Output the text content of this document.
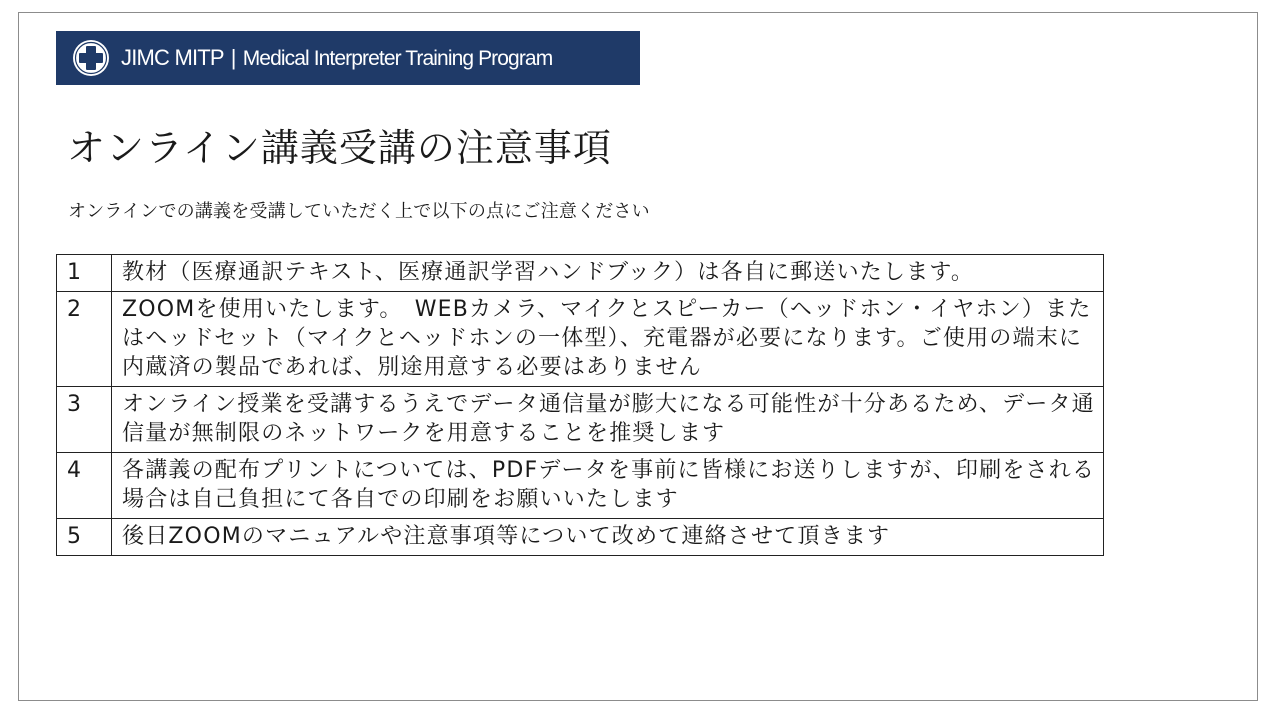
JIMC MITP | Medical Interpreter Training Program
オンライン講義受講の注意事項
オンラインでの講義を受講していただく上で以下の点にご注意ください
1	教材（医療通訳テキスト、医療通訳学習ハンドブック）は各自に郵送いたします。
2	ZOOMを使用いたします。　WEBカメラ、マイクとスピーカー（ヘッドホン・イヤホン）またはヘッドセット（マイクとヘッドホンの一体型）、充電器が必要になります。ご使用の端末に内蔵済の製品であれば、別途用意する必要はありません
3	オンライン授業を受講するうえでデータ通信量が膨大になる可能性が十分あるため、データ通信量が無制限のネットワークを用意することを推奨します
4	各講義の配布プリントについては、PDFデータを事前に皆様にお送りしますが、印刷をされる場合は自己負担にて各自での印刷をお願いいたします
5	後日ZOOMのマニュアルや注意事項等について改めて連絡させて頂きます
